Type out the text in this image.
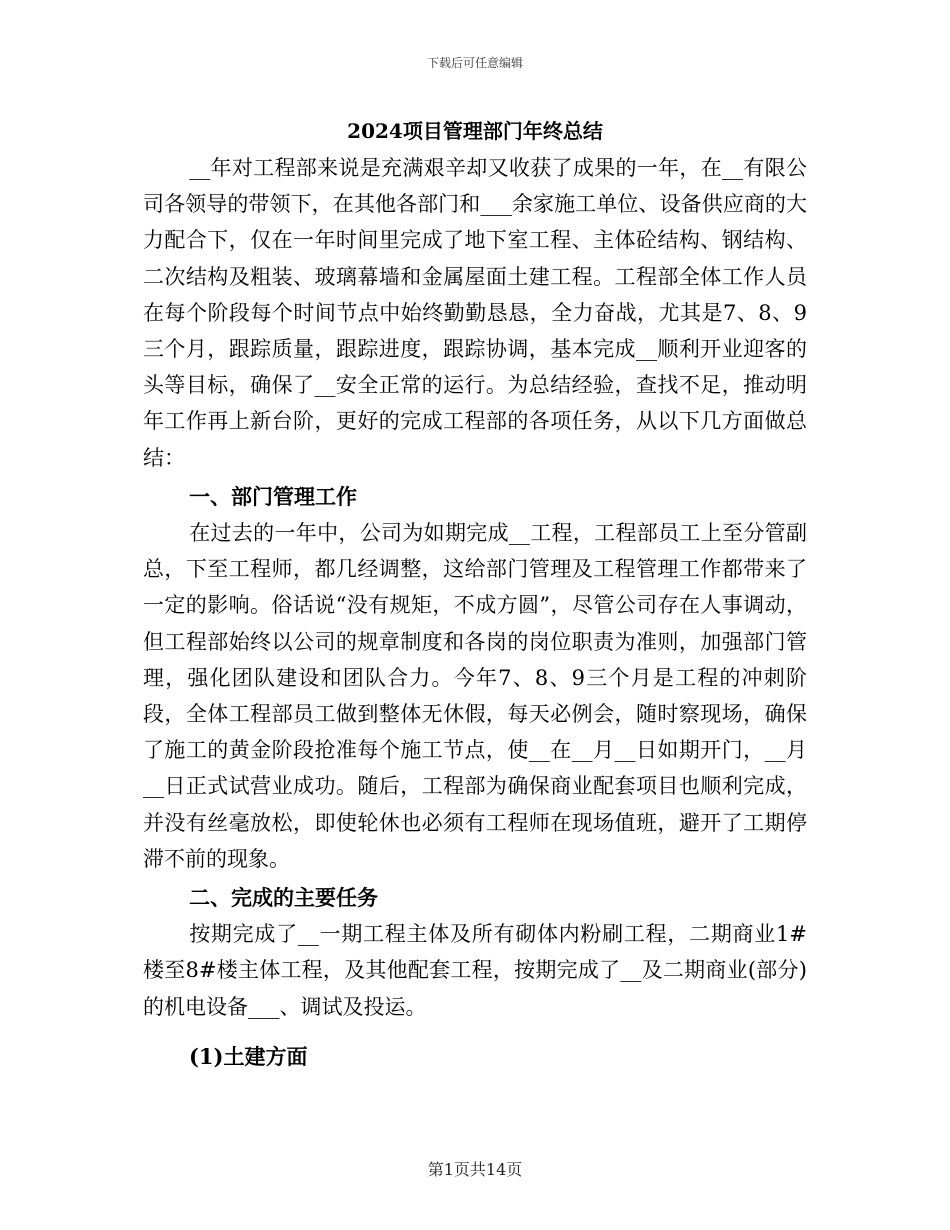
下载后可任意编辑
2024项目管理部门年终总结

__年对工程部来说是充满艰辛却又收获了成果的一年，在__有限公司各领导的带领下，在其他各部门和___余家施工单位、设备供应商的大力配合下，仅在一年时间里完成了地下室工程、主体砼结构、钢结构、二次结构及粗装、玻璃幕墙和金属屋面土建工程。工程部全体工作人员在每个阶段每个时间节点中始终勤勤恳恳，全力奋战，尤其是7、8、9三个月，跟踪质量，跟踪进度，跟踪协调，基本完成__顺利开业迎客的头等目标，确保了__安全正常的运行。为总结经验，查找不足，推动明年工作再上新台阶，更好的完成工程部的各项任务，从以下几方面做总结：

一、部门管理工作

在过去的一年中，公司为如期完成__工程，工程部员工上至分管副总，下至工程师，都几经调整，这给部门管理及工程管理工作都带来了一定的影响。俗话说“没有规矩，不成方圆”，尽管公司存在人事调动，但工程部始终以公司的规章制度和各岗的岗位职责为准则，加强部门管理，强化团队建设和团队合力。今年7、8、9三个月是工程的冲刺阶段，全体工程部员工做到整体无休假，每天必例会，随时察现场，确保了施工的黄金阶段抢准每个施工节点，使__在__月__日如期开门，__月__日正式试营业成功。随后，工程部为确保商业配套项目也顺利完成，并没有丝毫放松，即使轮休也必须有工程师在现场值班，避开了工期停滞不前的现象。

二、完成的主要任务

按期完成了__一期工程主体及所有砌体内粉刷工程，二期商业1#楼至8#楼主体工程，及其他配套工程，按期完成了__及二期商业(部分)的机电设备___、调试及投运。

(1)土建方面
第1页共14页
